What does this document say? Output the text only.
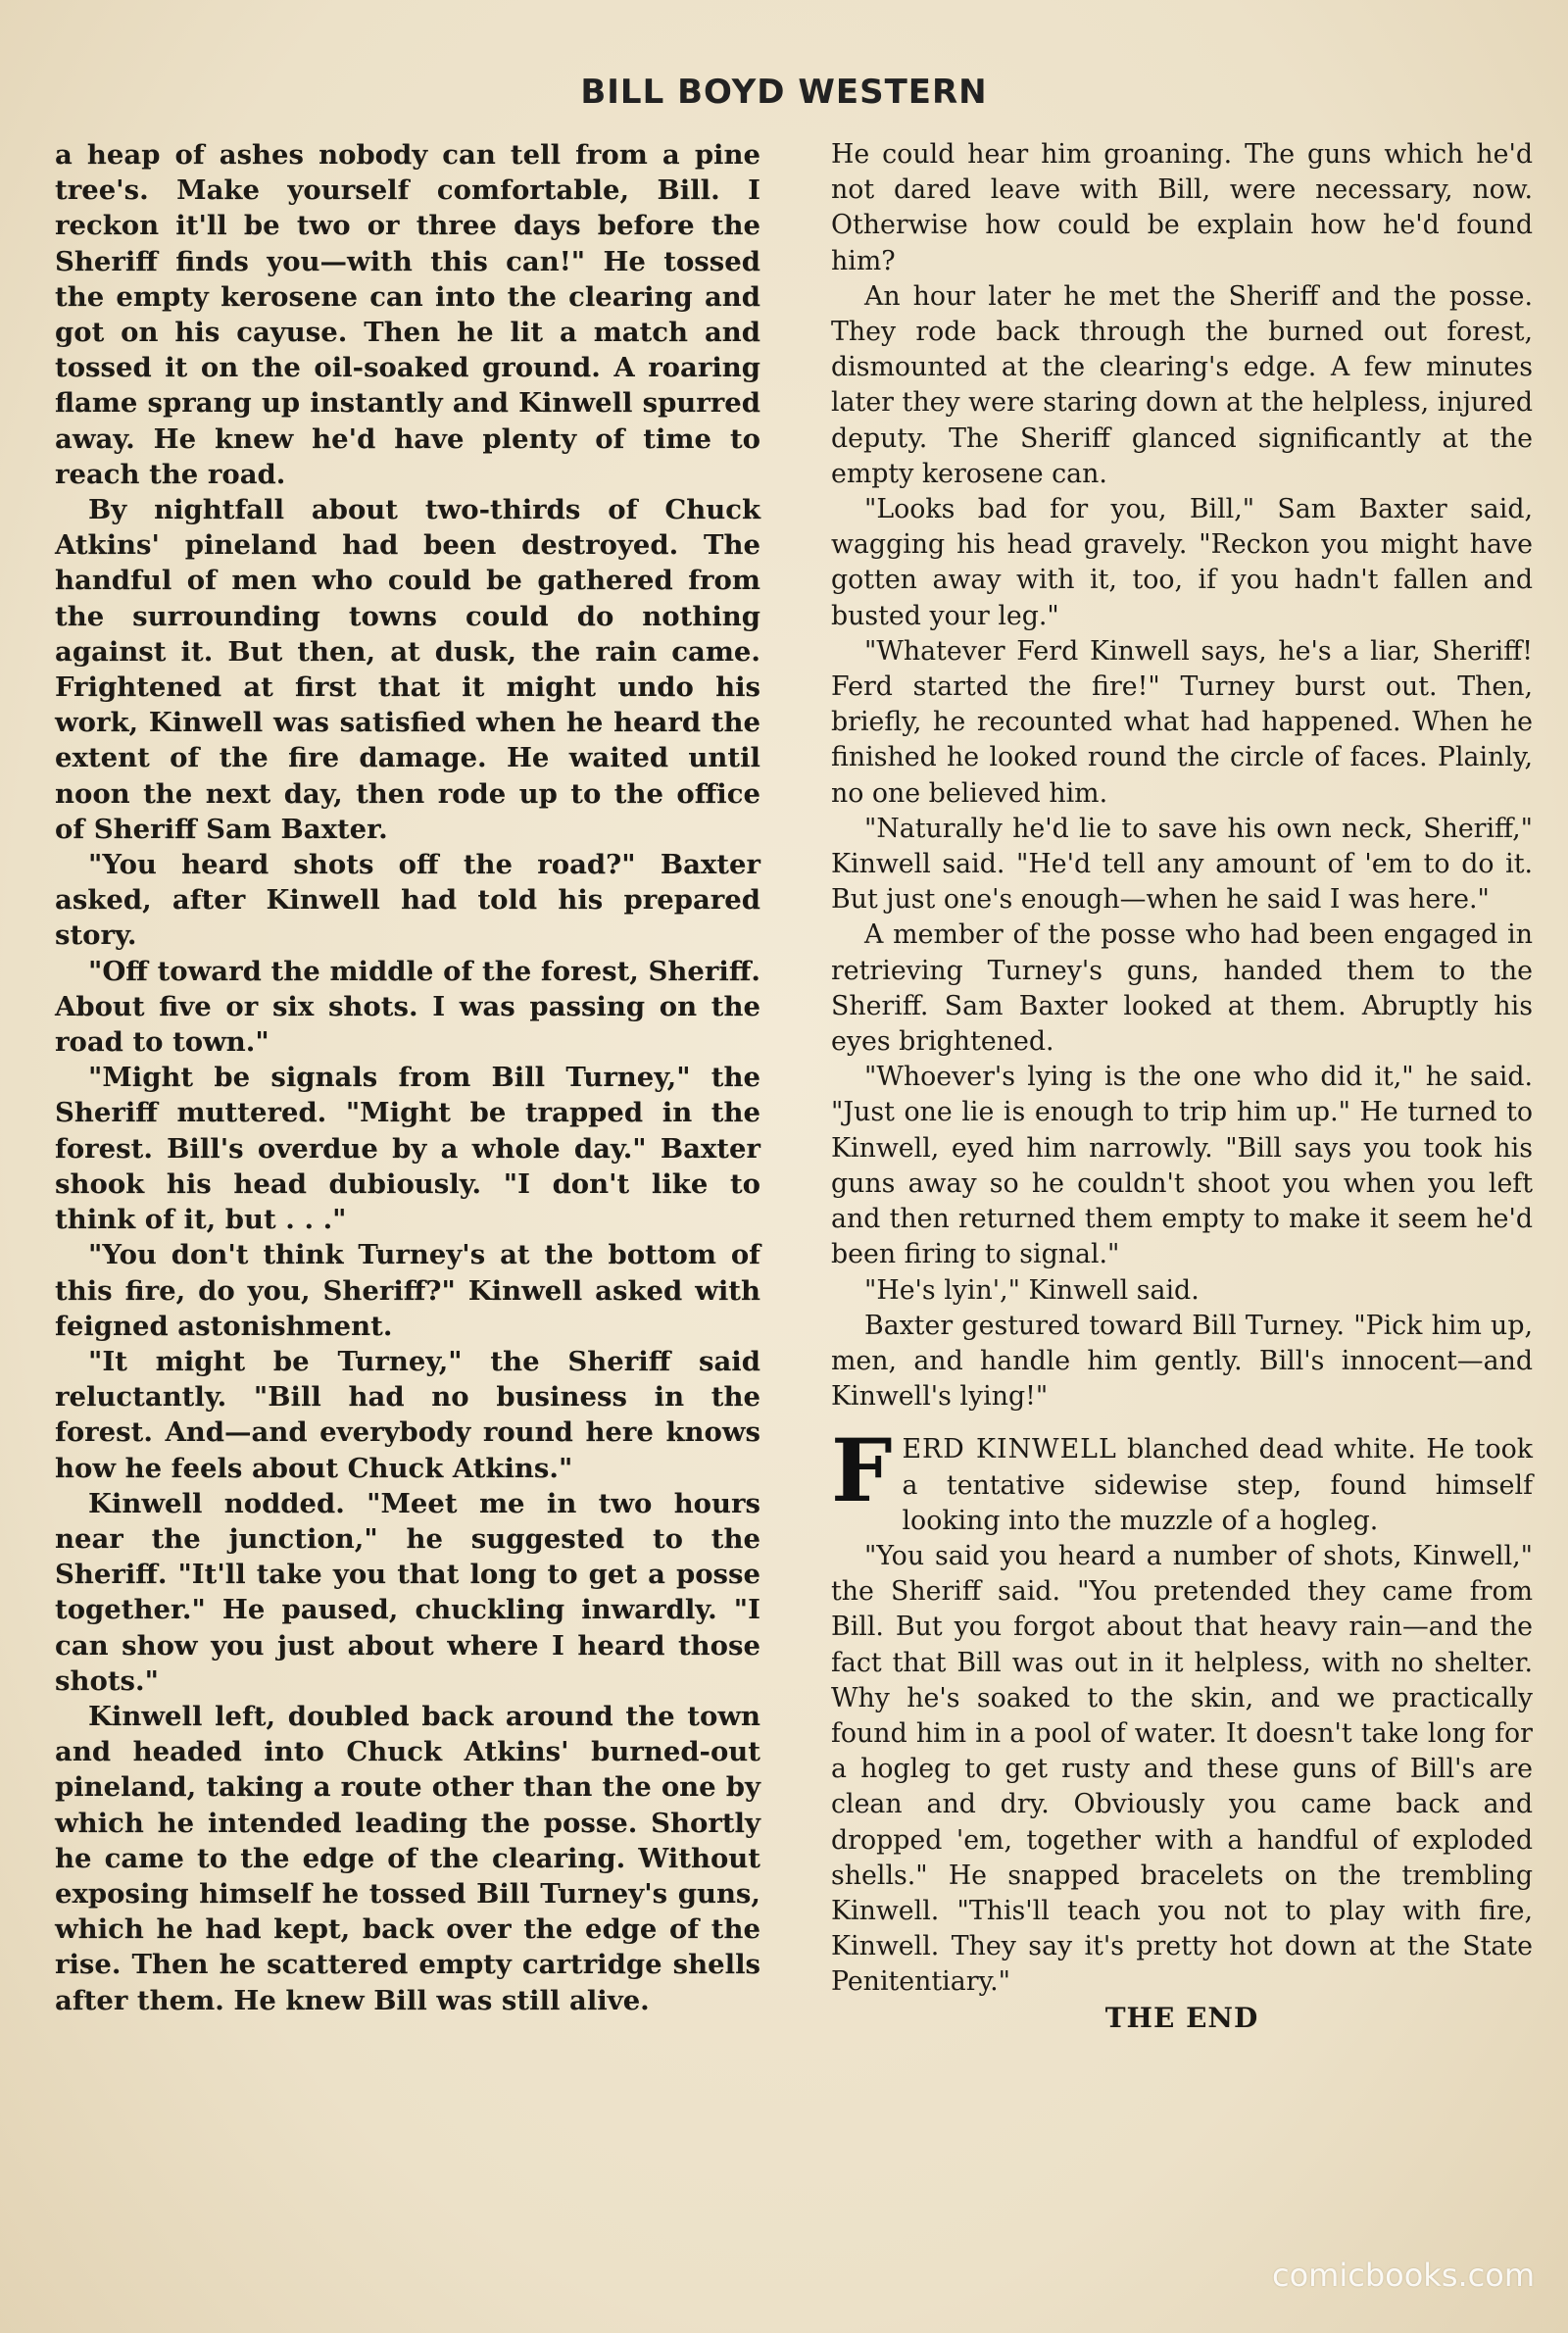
BILL BOYD WESTERN

a heap of ashes nobody can tell from a pine tree's. Make yourself comfortable, Bill. I reckon it'll be two or three days before the Sheriff finds you—with this can!" He tossed the empty kerosene can into the clearing and got on his cayuse. Then he lit a match and tossed it on the oil-soaked ground. A roaring flame sprang up instantly and Kinwell spurred away. He knew he'd have plenty of time to reach the road.

By nightfall about two-thirds of Chuck Atkins' pineland had been destroyed. The handful of men who could be gathered from the surrounding towns could do nothing against it. But then, at dusk, the rain came. Frightened at first that it might undo his work, Kinwell was satisfied when he heard the extent of the fire damage. He waited until noon the next day, then rode up to the office of Sheriff Sam Baxter.

"You heard shots off the road?" Baxter asked, after Kinwell had told his prepared story.

"Off toward the middle of the forest, Sheriff. About five or six shots. I was passing on the road to town."

"Might be signals from Bill Turney," the Sheriff muttered. "Might be trapped in the forest. Bill's overdue by a whole day." Baxter shook his head dubiously. "I don't like to think of it, but . . ."

"You don't think Turney's at the bottom of this fire, do you, Sheriff?" Kinwell asked with feigned astonishment.

"It might be Turney," the Sheriff said reluctantly. "Bill had no business in the forest. And—and everybody round here knows how he feels about Chuck Atkins."

Kinwell nodded. "Meet me in two hours near the junction," he suggested to the Sheriff. "It'll take you that long to get a posse together." He paused, chuckling inwardly. "I can show you just about where I heard those shots."

Kinwell left, doubled back around the town and headed into Chuck Atkins' burned-out pineland, taking a route other than the one by which he intended leading the posse. Shortly he came to the edge of the clearing. Without exposing himself he tossed Bill Turney's guns, which he had kept, back over the edge of the rise. Then he scattered empty cartridge shells after them. He knew Bill was still alive.

He could hear him groaning. The guns which he'd not dared leave with Bill, were necessary, now. Otherwise how could be explain how he'd found him?

An hour later he met the Sheriff and the posse. They rode back through the burned out forest, dismounted at the clearing's edge. A few minutes later they were staring down at the helpless, injured deputy. The Sheriff glanced significantly at the empty kerosene can.

"Looks bad for you, Bill," Sam Baxter said, wagging his head gravely. "Reckon you might have gotten away with it, too, if you hadn't fallen and busted your leg."

"Whatever Ferd Kinwell says, he's a liar, Sheriff! Ferd started the fire!" Turney burst out. Then, briefly, he recounted what had happened. When he finished he looked round the circle of faces. Plainly, no one believed him.

"Naturally he'd lie to save his own neck, Sheriff," Kinwell said. "He'd tell any amount of 'em to do it. But just one's enough—when he said I was here."

A member of the posse who had been engaged in retrieving Turney's guns, handed them to the Sheriff. Sam Baxter looked at them. Abruptly his eyes brightened.

"Whoever's lying is the one who did it," he said. "Just one lie is enough to trip him up." He turned to Kinwell, eyed him narrowly. "Bill says you took his guns away so he couldn't shoot you when you left and then returned them empty to make it seem he'd been firing to signal."

"He's lyin'," Kinwell said.

Baxter gestured toward Bill Turney. "Pick him up, men, and handle him gently. Bill's innocent—and Kinwell's lying!"

FERD KINWELL blanched dead white. He took a tentative sidewise step, found himself looking into the muzzle of a hogleg.

"You said you heard a number of shots, Kinwell," the Sheriff said. "You pretended they came from Bill. But you forgot about that heavy rain—and the fact that Bill was out in it helpless, with no shelter. Why he's soaked to the skin, and we practically found him in a pool of water. It doesn't take long for a hogleg to get rusty and these guns of Bill's are clean and dry. Obviously you came back and dropped 'em, together with a handful of exploded shells." He snapped bracelets on the trembling Kinwell. "This'll teach you not to play with fire, Kinwell. They say it's pretty hot down at the State Penitentiary."

THE END

comicbooks.com
